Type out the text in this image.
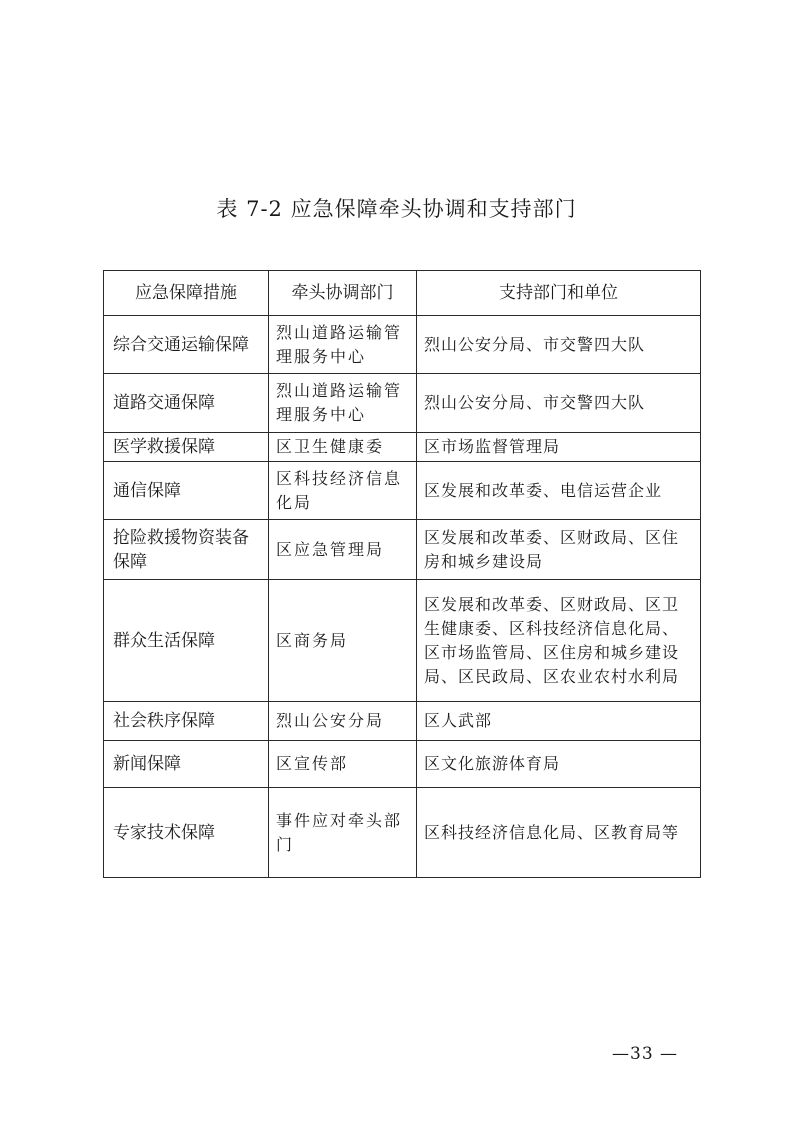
表 7-2 应急保障牵头协调和支持部门
应急保障措施	牵头协调部门	支持部门和单位
综合交通运输保障	烈山道路运输管理服务中心	烈山公安分局、市交警四大队
道路交通保障	烈山道路运输管理服务中心	烈山公安分局、市交警四大队
医学救援保障	区卫生健康委	区市场监督管理局
通信保障	区科技经济信息化局	区发展和改革委、电信运营企业
抢险救援物资装备保障	区应急管理局	区发展和改革委、区财政局、区住房和城乡建设局
群众生活保障	区商务局	区发展和改革委、区财政局、区卫生健康委、区科技经济信息化局、区市场监管局、区住房和城乡建设局、区民政局、区农业农村水利局
社会秩序保障	烈山公安分局	区人武部
新闻保障	区宣传部	区文化旅游体育局
专家技术保障	事件应对牵头部门	区科技经济信息化局、区教育局等
—33 —
